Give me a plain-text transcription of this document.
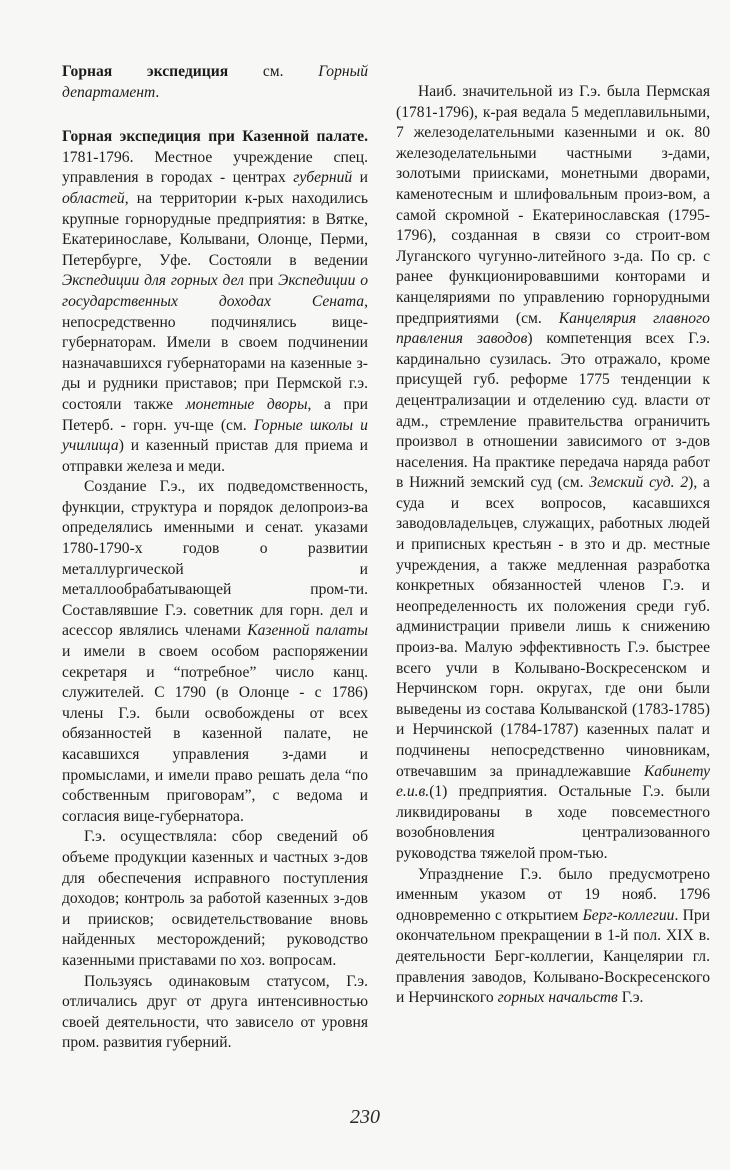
Горная экспедиция см. Горный департамент.

Горная экспедиция при Казенной палате. 1781-1796. Местное учреждение спец. управления в городах - центрах губерний и областей, на территории к-рых находились крупные горнорудные предприятия: в Вятке, Екатеринославе, Колывани, Олонце, Перми, Петербурге, Уфе. Состояли в ведении Экспедиции для горных дел при Экспедиции о государственных доходах Сената, непосредственно подчинялись вице-губернаторам. Имели в своем подчинении назначавшихся губернаторами на казенные з-ды и рудники приставов; при Пермской г.э. состояли также монетные дворы, а при Петерб. - горн. уч-ще (см. Горные школы и училища) и казенный пристав для приема и отправки железа и меди.

Создание Г.э., их подведомственность, функции, структура и порядок делопроиз-ва определялись именными и сенат. указами 1780-1790-х годов о развитии металлургической и металлообрабатывающей пром-ти. Составлявшие Г.э. советник для горн. дел и асессор являлись членами Казенной палаты и имели в своем особом распоряжении секретаря и “потребное” число канц. служителей. С 1790 (в Олонце - с 1786) члены Г.э. были освобождены от всех обязанностей в казенной палате, не касавшихся управления з-дами и промыслами, и имели право решать дела “по собственным приговорам”, с ведома и согласия вице-губернатора.

Г.э. осуществляла: сбор сведений об объеме продукции казенных и частных з-дов для обеспечения исправного поступления доходов; контроль за работой казенных з-дов и приисков; освидетельствование вновь найденных месторождений; руководство казенными приставами по хоз. вопросам.

Пользуясь одинаковым статусом, Г.э. отличались друг от друга интенсивностью своей деятельности, что зависело от уровня пром. развития губерний.

Наиб. значительной из Г.э. была Пермская (1781-1796), к-рая ведала 5 медеплавильными, 7 железоделательными казенными и ок. 80 железоделательными частными з-дами, золотыми приисками, монетными дворами, каменотесным и шлифовальным произ-вом, а самой скромной - Екатеринославская (1795-1796), созданная в связи со строит-вом Луганского чугунно-литейного з-да. По ср. с ранее функционировавшими конторами и канцеляриями по управлению горнорудными предприятиями (см. Канцелярия главного правления заводов) компетенция всех Г.э. кардинально сузилась. Это отражало, кроме присущей губ. реформе 1775 тенденции к децентрализации и отделению суд. власти от адм., стремление правительства ограничить произвол в отношении зависимого от з-дов населения. На практике передача наряда работ в Нижний земский суд (см. Земский суд. 2), а суда и всех вопросов, касавшихся заводовладельцев, служащих, работных людей и приписных крестьян - в зто и др. местные учреждения, а также медленная разработка конкретных обязанностей членов Г.э. и неопределенность их положения среди губ. администрации привели лишь к снижению произ-ва. Малую эффективность Г.э. быстрее всего учли в Колывано-Воскресенском и Нерчинском горн. округах, где они были выведены из состава Колыванской (1783-1785) и Нерчинской (1784-1787) казенных палат и подчинены непосредственно чиновникам, отвечавшим за принадлежавшие Кабинету е.и.в.(1) предприятия. Остальные Г.э. были ликвидированы в ходе повсеместного возобновления централизованного руководства тяжелой пром-тью.

Упразднение Г.э. было предусмотрено именным указом от 19 нояб. 1796 одновременно с открытием Берг-коллегии. При окончательном прекращении в 1-й пол. XIX в. деятельности Берг-коллегии, Канцелярии гл. правления заводов, Колывано-Воскресенского и Нерчинского горных начальств Г.э.

230
